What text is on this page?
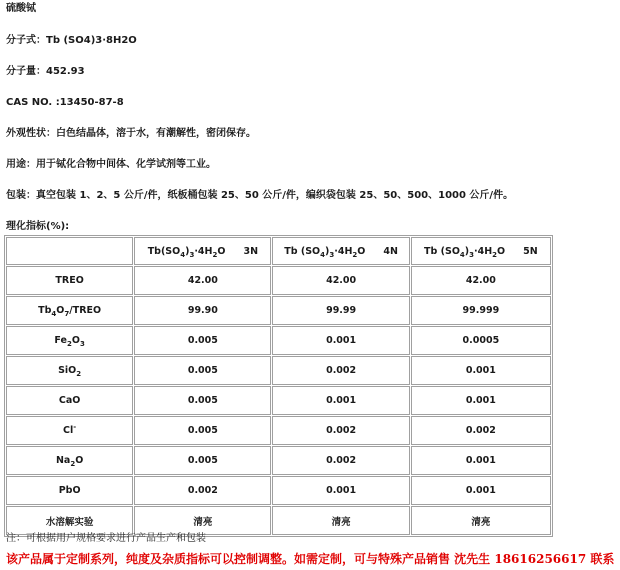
硫酸铽
分子式：Tb (SO4)3·8H2O
分子量：452.93
CAS NO. :13450-87-8
外观性状：白色结晶体，溶于水，有潮解性，密闭保存。
用途：用于铽化合物中间体、化学试剂等工业。
包装：真空包装 1、2、5 公斤/件，纸板桶包装 25、50 公斤/件，编织袋包装 25、50、500、1000 公斤/件。
理化指标(%):
	$Tb(SO_4)_3\cdot 4H_2O$ 3N	Tb $(SO_4)_3\cdot 4H_2O$ 4N	Tb $(SO_4)_3\cdot 4H_2O$ 5N
TREO	42.00	42.00	42.00
$Tb_4O_7$/TREO	99.90	99.99	99.999
$Fe_2O_3$	0.005	0.001	0.0005
SiO$_2$	0.005	0.002	0.001
CaO	0.005	0.001	0.001
Cl-	0.005	0.002	0.002
$Na_2O$	0.005	0.002	0.001
PbO	0.002	0.001	0.001
水溶解实验	清亮	清亮	清亮
注：可根据用户规格要求进行产品生产和包装
该产品属于定制系列，纯度及杂质指标可以控制调整。如需定制，可与特殊产品销售 沈先生 18616256617 联系
